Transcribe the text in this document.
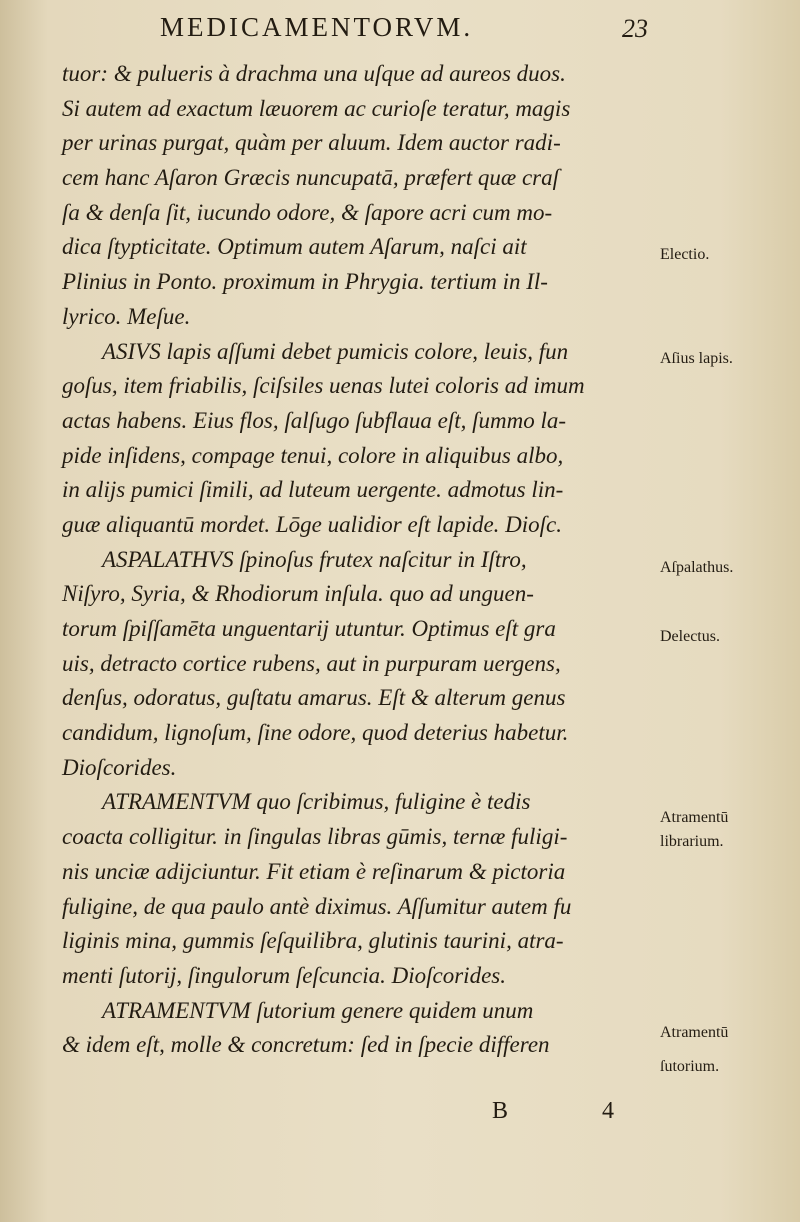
MEDICAMENTORVM.	23
tuor: & pulueris à drachma una uſque ad aureos duos.
Si autem ad exactum læuorem ac curioſe teratur, magis
per urinas purgat, quàm per aluum. Idem auctor radi-
cem hanc Aſaron Græcis nuncupatā, præfert quæ craſ
ſa & denſa ſit, iucundo odore, & ſapore acri cum mo-
dica ſtypticitate. Optimum autem Aſarum, naſci ait
Plinius in Ponto. proximum in Phrygia. tertium in Il-
lyrico. Meſue.
ASIVS lapis aſſumi debet pumicis colore, leuis, fun
goſus, item friabilis, ſciſsiles uenas lutei coloris ad imum
actas habens. Eius flos, ſalſugo ſubflaua eſt, ſummo la-
pide inſidens, compage tenui, colore in aliquibus albo,
in alijs pumici ſimili, ad luteum uergente. admotus lin-
guæ aliquantū mordet. Lōge ualidior eſt lapide. Dioſc.
ASPALATHVS ſpinoſus frutex naſcitur in Iſtro,
Niſyro, Syria, & Rhodiorum inſula. quo ad unguen-
torum ſpiſſamēta unguentarij utuntur. Optimus eſt gra
uis, detracto cortice rubens, aut in purpuram uergens,
denſus, odoratus, guſtatu amarus. Eſt & alterum genus
candidum, lignoſum, ſine odore, quod deterius habetur.
Dioſcorides.
ATRAMENTVM quo ſcribimus, fuligine è tedis
coacta colligitur. in ſingulas libras gūmis, ternæ fuligi-
nis unciæ adijciuntur. Fit etiam è reſinarum & pictoria
fuligine, de qua paulo antè diximus. Aſſumitur autem fu
liginis mina, gummis ſeſquilibra, glutinis taurini, atra-
menti ſutorij, ſingulorum ſeſcuncia. Dioſcorides.
ATRAMENTVM ſutorium genere quidem unum
& idem eſt, molle & concretum: ſed in ſpecie differen
Electio.
Aſius lapis.
Aſpalathus.
Delectus.
Atramentū
librarium.
Atramentū
ſutorium.
B 4
